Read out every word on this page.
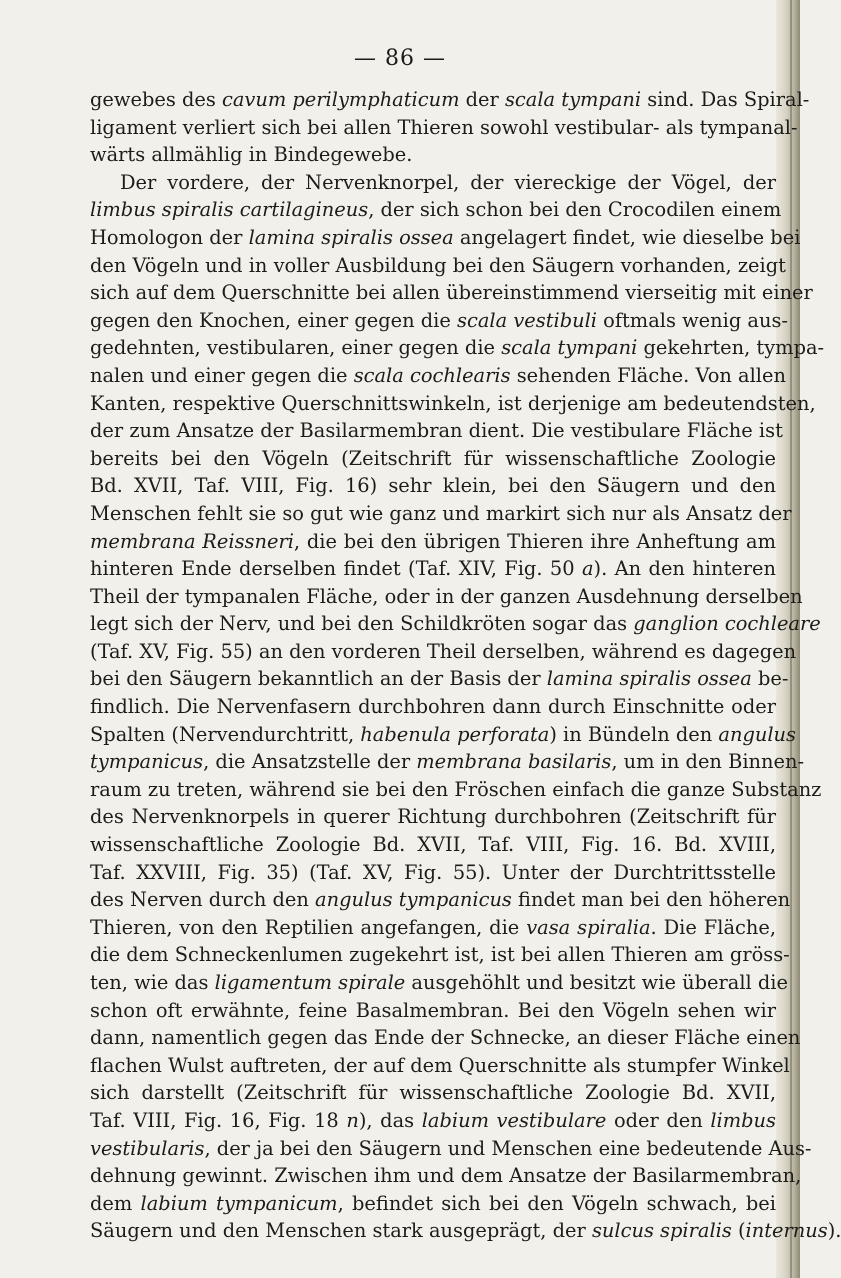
— 86 —
gewebes des cavum perilymphaticum der scala tympani sind. Das Spiral-
ligament verliert sich bei allen Thieren sowohl vestibular- als tympanal-
wärts allmählig in Bindegewebe.
Der vordere, der Nervenknorpel, der viereckige der Vögel, der
limbus spiralis cartilagineus, der sich schon bei den Crocodilen einem
Homologon der lamina spiralis ossea angelagert findet, wie dieselbe bei
den Vögeln und in voller Ausbildung bei den Säugern vorhanden, zeigt
sich auf dem Querschnitte bei allen übereinstimmend vierseitig mit einer
gegen den Knochen, einer gegen die scala vestibuli oftmals wenig aus-
gedehnten, vestibularen, einer gegen die scala tympani gekehrten, tympa-
nalen und einer gegen die scala cochlearis sehenden Fläche. Von allen
Kanten, respektive Querschnittswinkeln, ist derjenige am bedeutendsten,
der zum Ansatze der Basilarmembran dient. Die vestibulare Fläche ist
bereits bei den Vögeln (Zeitschrift für wissenschaftliche Zoologie
Bd. XVII, Taf. VIII, Fig. 16) sehr klein, bei den Säugern und den
Menschen fehlt sie so gut wie ganz und markirt sich nur als Ansatz der
membrana Reissneri, die bei den übrigen Thieren ihre Anheftung am
hinteren Ende derselben findet (Taf. XIV, Fig. 50 a). An den hinteren
Theil der tympanalen Fläche, oder in der ganzen Ausdehnung derselben
legt sich der Nerv, und bei den Schildkröten sogar das ganglion cochleare
(Taf. XV, Fig. 55) an den vorderen Theil derselben, während es dagegen
bei den Säugern bekanntlich an der Basis der lamina spiralis ossea be-
findlich. Die Nervenfasern durchbohren dann durch Einschnitte oder
Spalten (Nervendurchtritt, habenula perforata) in Bündeln den angulus
tympanicus, die Ansatzstelle der membrana basilaris, um in den Binnen-
raum zu treten, während sie bei den Fröschen einfach die ganze Substanz
des Nervenknorpels in querer Richtung durchbohren (Zeitschrift für
wissenschaftliche Zoologie Bd. XVII, Taf. VIII, Fig. 16. Bd. XVIII,
Taf. XXVIII, Fig. 35) (Taf. XV, Fig. 55). Unter der Durchtrittsstelle
des Nerven durch den angulus tympanicus findet man bei den höheren
Thieren, von den Reptilien angefangen, die vasa spiralia. Die Fläche,
die dem Schneckenlumen zugekehrt ist, ist bei allen Thieren am gröss-
ten, wie das ligamentum spirale ausgehöhlt und besitzt wie überall die
schon oft erwähnte, feine Basalmembran. Bei den Vögeln sehen wir
dann, namentlich gegen das Ende der Schnecke, an dieser Fläche einen
flachen Wulst auftreten, der auf dem Querschnitte als stumpfer Winkel
sich darstellt (Zeitschrift für wissenschaftliche Zoologie Bd. XVII,
Taf. VIII, Fig. 16, Fig. 18 n), das labium vestibulare oder den limbus
vestibularis, der ja bei den Säugern und Menschen eine bedeutende Aus-
dehnung gewinnt. Zwischen ihm und dem Ansatze der Basilarmembran,
dem labium tympanicum, befindet sich bei den Vögeln schwach, bei
Säugern und den Menschen stark ausgeprägt, der sulcus spiralis (internus).
